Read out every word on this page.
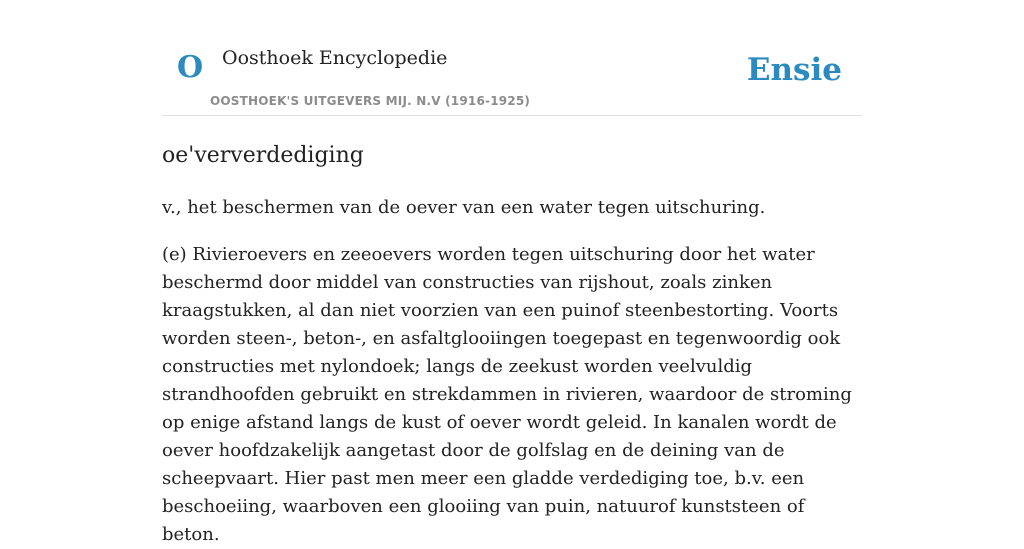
O Oosthoek Encyclopedie
OOSTHOEK'S UITGEVERS MIJ. N.V (1916-1925)
Ensie
oe'ververdediging

v., het beschermen van de oever van een water tegen uitschuring.

(e) Rivieroevers en zeeoevers worden tegen uitschuring door het water beschermd door middel van constructies van rijshout, zoals zinken kraagstukken, al dan niet voorzien van een puinof steenbestorting. Voorts worden steen-, beton-, en asfaltglooiingen toegepast en tegenwoordig ook constructies met nylondoek; langs de zeekust worden veelvuldig strandhoofden gebruikt en strekdammen in rivieren, waardoor de stroming op enige afstand langs de kust of oever wordt geleid. In kanalen wordt de oever hoofdzakelijk aangetast door de golfslag en de deining van de scheepvaart. Hier past men meer een gladde verdediging toe, b.v. een beschoeiing, waarboven een glooiing van puin, natuurof kunststeen of beton.
